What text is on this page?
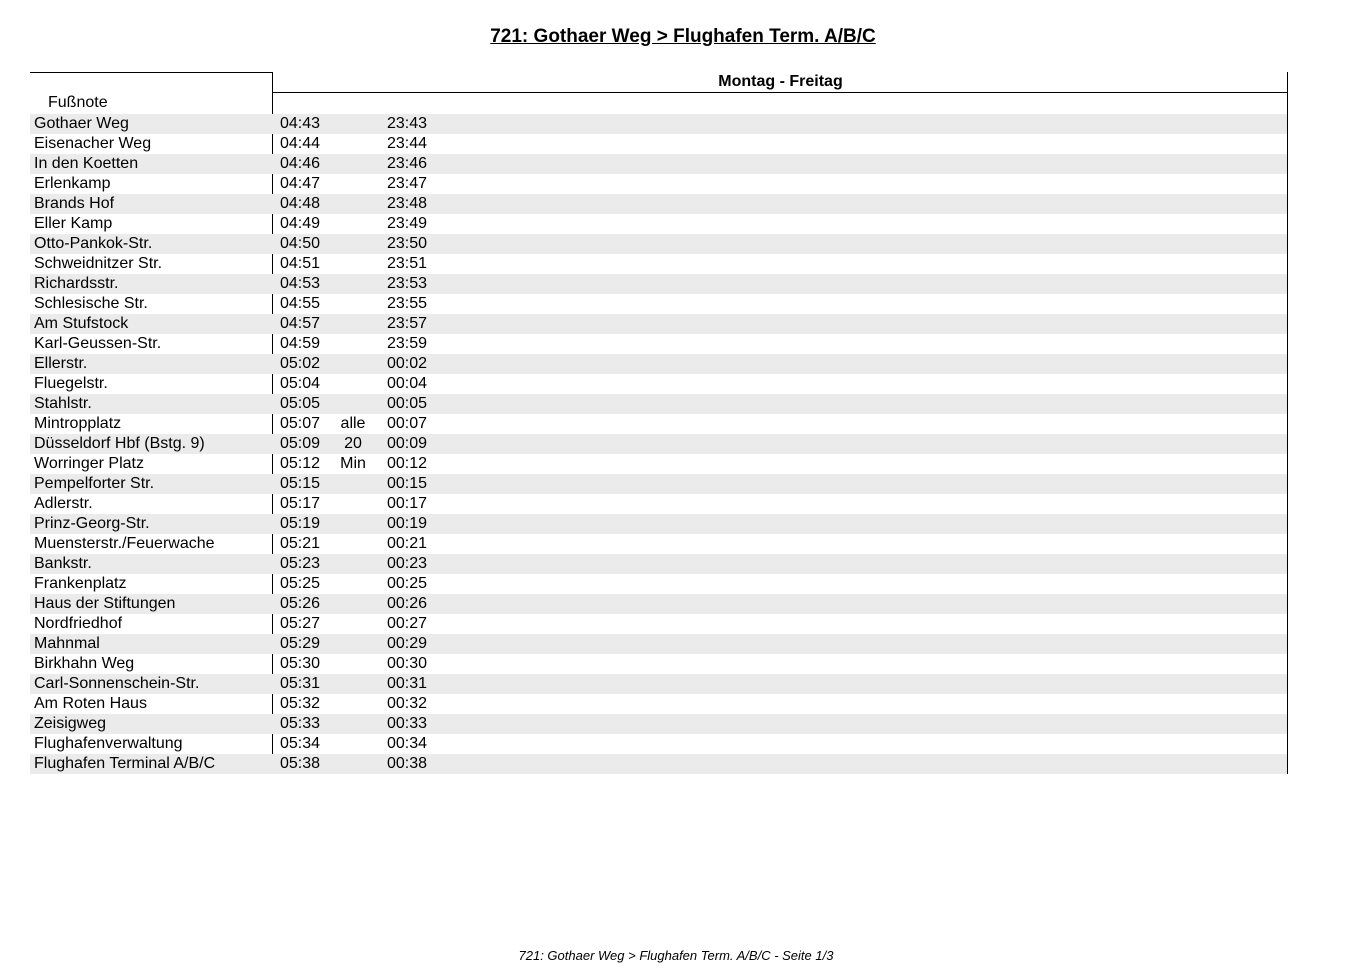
721: Gothaer Weg > Flughafen Term. A/B/C
Montag - Freitag
Fußnote
Gothaer Weg	04:43	23:43
Eisenacher Weg	04:44	23:44
In den Koetten	04:46	23:46
Erlenkamp	04:47	23:47
Brands Hof	04:48	23:48
Eller Kamp	04:49	23:49
Otto-Pankok-Str.	04:50	23:50
Schweidnitzer Str.	04:51	23:51
Richardsstr.	04:53	23:53
Schlesische Str.	04:55	23:55
Am Stufstock	04:57	23:57
Karl-Geussen-Str.	04:59	23:59
Ellerstr.	05:02	00:02
Fluegelstr.	05:04	00:04
Stahlstr.	05:05	00:05
Mintropplatz	05:07	alle	00:07
Düsseldorf Hbf (Bstg. 9)	05:09	20	00:09
Worringer Platz	05:12	Min	00:12
Pempelforter Str.	05:15	00:15
Adlerstr.	05:17	00:17
Prinz-Georg-Str.	05:19	00:19
Muensterstr./Feuerwache	05:21	00:21
Bankstr.	05:23	00:23
Frankenplatz	05:25	00:25
Haus der Stiftungen	05:26	00:26
Nordfriedhof	05:27	00:27
Mahnmal	05:29	00:29
Birkhahn Weg	05:30	00:30
Carl-Sonnenschein-Str.	05:31	00:31
Am Roten Haus	05:32	00:32
Zeisigweg	05:33	00:33
Flughafenverwaltung	05:34	00:34
Flughafen Terminal A/B/C	05:38	00:38
721: Gothaer Weg > Flughafen Term. A/B/C - Seite 1/3
